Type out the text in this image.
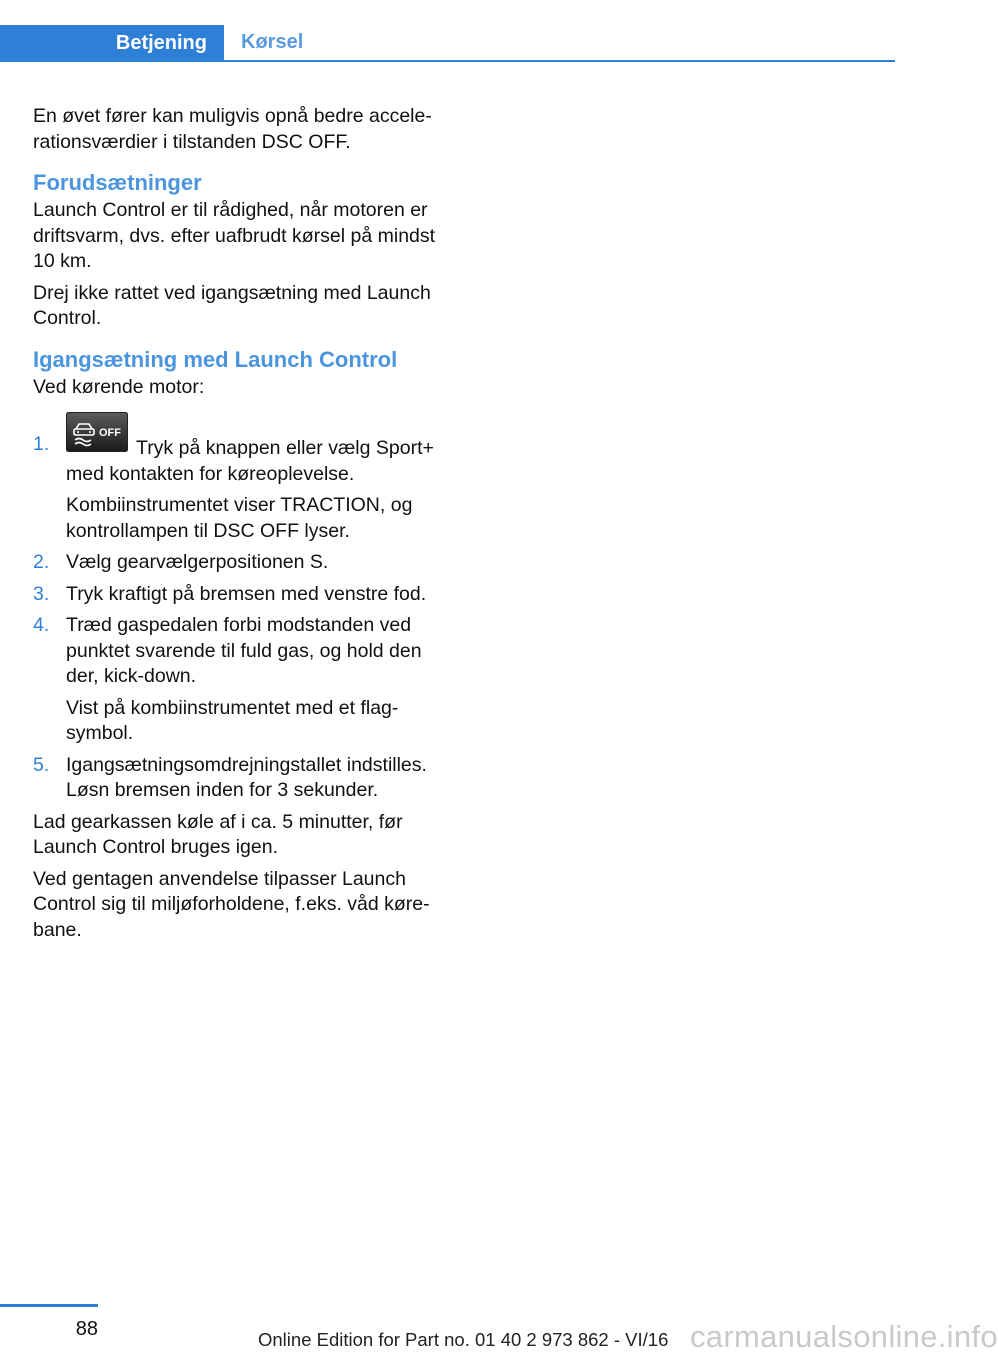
Betjening	Kørsel

En øvet fører kan muligvis opnå bedre accelerationsværdier i tilstanden DSC OFF.

Forudsætninger

Launch Control er til rådighed, når motoren er driftsvarm, dvs. efter uafbrudt kørsel på mindst 10 km.

Drej ikke rattet ved igangsætning med Launch Control.

Igangsætning med Launch Control

Ved kørende motor:

1.	OFF
Tryk på knappen eller vælg Sport+ med kontakten for køreoplevelse.
Kombiinstrumentet viser TRACTION, og kontrollampen til DSC OFF lyser.
2. Vælg gearvælgerpositionen S.
3. Tryk kraftigt på bremsen med venstre fod.
4. Træd gaspedalen forbi modstanden ved punktet svarende til fuld gas, og hold den der, kick-down.
Vist på kombiinstrumentet med et flag‐symbol.
5. Igangsætningsomdrejningstallet indstilles. Løsn bremsen inden for 3 sekunder.

Lad gearkassen køle af i ca. 5 minutter, før Launch Control bruges igen.

Ved gentagen anvendelse tilpasser Launch Control sig til miljøforholdene, f.eks. våd køre‐bane.

88	Online Edition for Part no. 01 40 2 973 862 - VI/16 carmanualsonline.info
